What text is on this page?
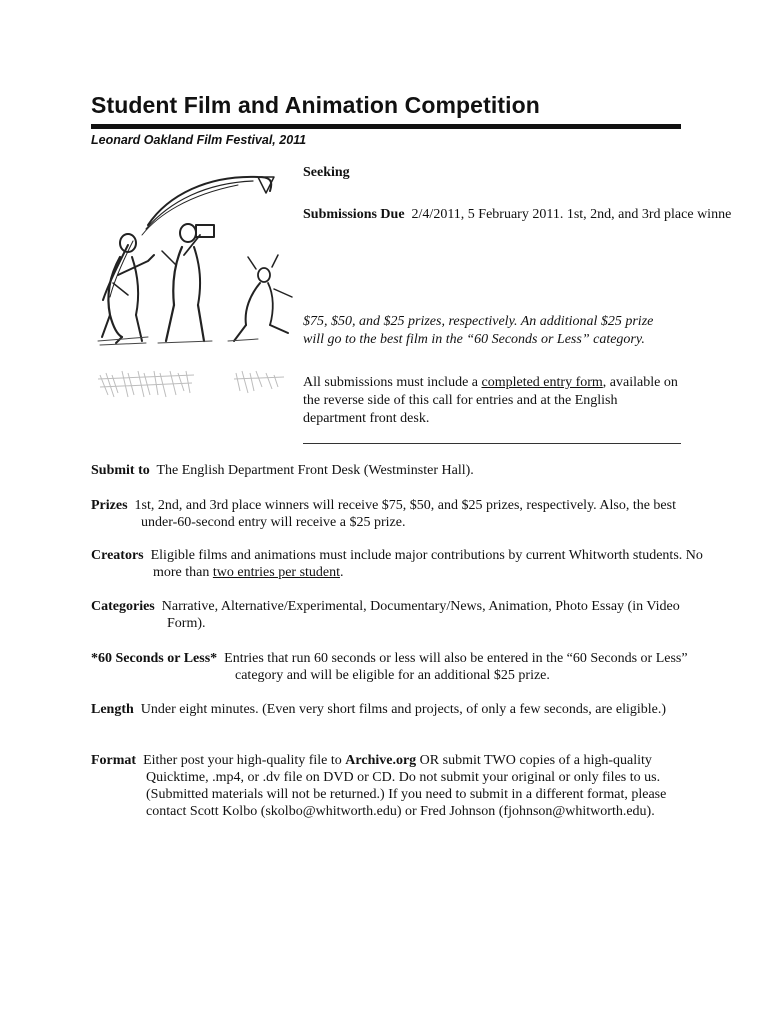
Student Film and Animation Competition
Leonard Oakland Film Festival, 2011
Seeking
Submissions Due 2/4/2011, 5 February 2011. 1st, 2nd, and 3rd place winne
$75, $50, and $25 prizes, respectively. An additional $25 prize will go to the best film in the “60 Seconds or Less” category.
All submissions must include a completed entry form, available on the reverse side of this call for entries and at the English department front desk.
Submit to The English Department Front Desk (Westminster Hall).
Prizes 1st, 2nd, and 3rd place winners will receive $75, $50, and $25 prizes, respectively. Also, the best under-60-second entry will receive a $25 prize.
Creators Eligible films and animations must include major contributions by current Whitworth students. No more than two entries per student.
Categories Narrative, Alternative/Experimental, Documentary/News, Animation, Photo Essay (in Video Form).
*60 Seconds or Less* Entries that run 60 seconds or less will also be entered in the “60 Seconds or Less” category and will be eligible for an additional $25 prize.
Length Under eight minutes. (Even very short films and projects, of only a few seconds, are eligible.)
Format Either post your high-quality file to Archive.org OR submit TWO copies of a high-quality Quicktime, .mp4, or .dv file on DVD or CD. Do not submit your original or only files to us. (Submitted materials will not be returned.) If you need to submit in a different format, please contact Scott Kolbo (skolbo@whitworth.edu) or Fred Johnson (fjohnson@whitworth.edu).
